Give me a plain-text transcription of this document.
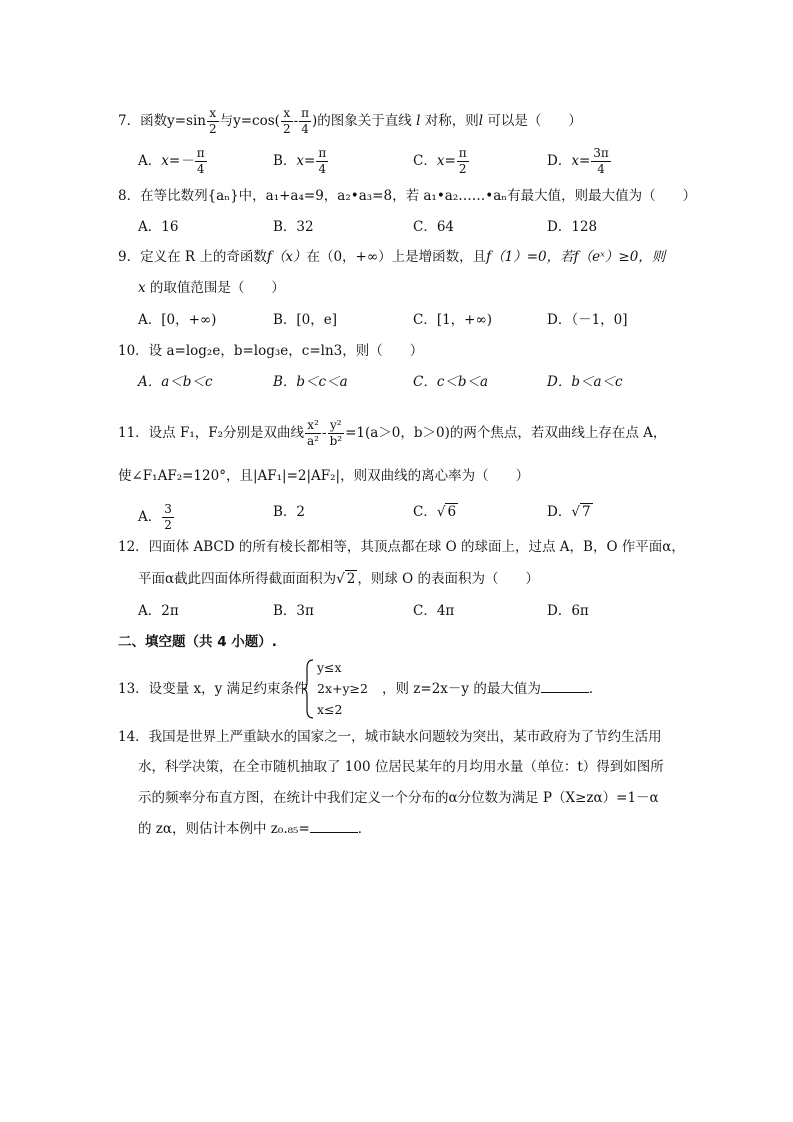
7．函数$y=\sin \frac{x}{2}$ 与$y=\cos( \frac{x}{2} - \frac{\pi}{4}$ )的图象关于直线 l 对称，则l 可以是（　　）
A．$x=- \frac{\pi}{4}$	B．$x= \frac{\pi}{4}$	C．$x= \frac{\pi}{2}$	D．$x= \frac{3\pi}{4}$
8．在等比数列{aₙ}中，a₁+a₄=9，a₂•a₃=8，若 a₁•a₂……•aₙ有最大值，则最大值为（　　）
A．16	B．32	C．64	D．128
9．定义在 R 上的奇函数f（x）在（0，+∞）上是增函数，且f（1）=0，若f（eˣ）≥0，则
x 的取值范围是（　　）
A．[0，+∞)	B．[0，e]	C．[1，+∞)	D．（－1，0]
10．设 a=log₂e，b=log₃e，c=ln3，则（　　）
A．a＜b＜c	B．b＜c＜a	C．c＜b＜a	D．b＜a＜c
11．设点 F₁，F₂分别是双曲线 $\frac{\text{x²}}{\text{a²}} - \frac{\text{y²}}{\text{b²}} =1(a>0$，b＞0)的两个焦点，若双曲线上存在点 A，
使∠F₁AF₂=120°，且|AF₁|=2|AF₂|，则双曲线的离心率为（　　）
A． $\frac{3}{2}$	B．2	C．√ 6	D．√ 7
12．四面体 ABCD 的所有棱长都相等，其顶点都在球 O 的球面上，过点 A，B，O 作平面α，
平面α截此四面体所得截面面积为√ 2 ，则球 O 的表面积为（　　）
A．2π	B．3π	C．4π	D．6π
二、填空题（共 4 小题）.
13．设变量 x，y 满足约束条件
y≤x
2x+y≥2
x≤2
，则 z=2x－y 的最大值为	．
14．我国是世界上严重缺水的国家之一，城市缺水问题较为突出，某市政府为了节约生活用
水，科学决策，在全市随机抽取了 100 位居民某年的月均用水量（单位：t）得到如图所
示的频率分布直方图，在统计中我们定义一个分布的α分位数为满足 P（X≥zα）=1－α
的 zα，则估计本例中 z₀.₈₅=	．
